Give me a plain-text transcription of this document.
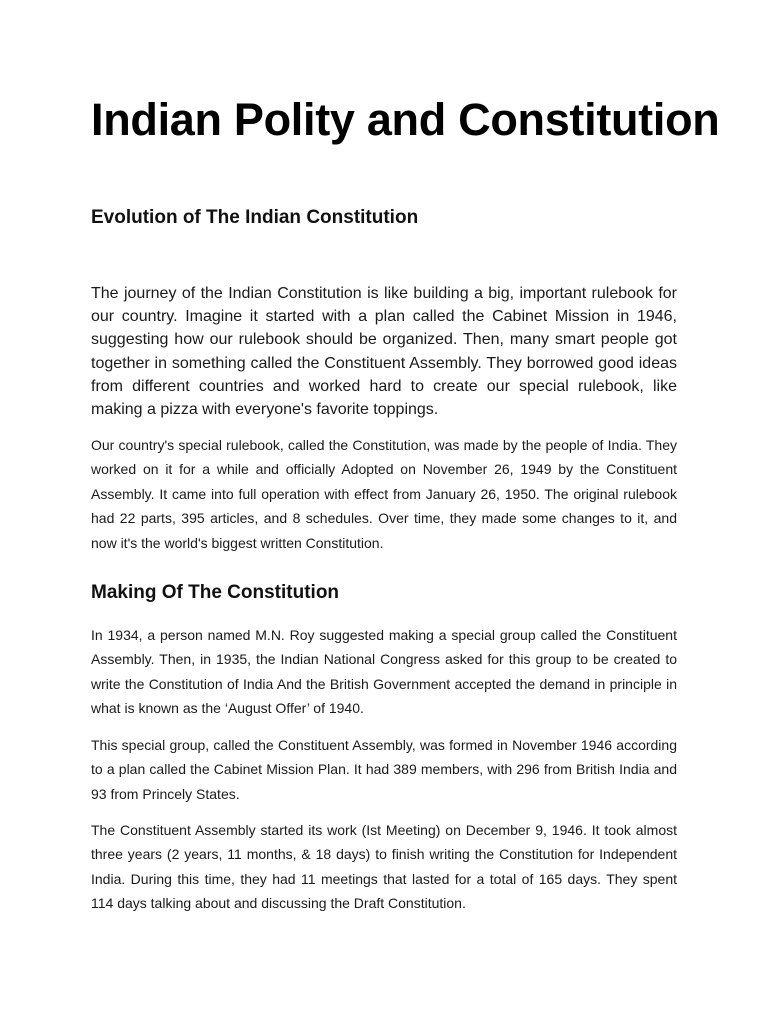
Indian Polity and Constitution
Evolution of The Indian Constitution

The journey of the Indian Constitution is like building a big, important rulebook for our country. Imagine it started with a plan called the Cabinet Mission in 1946, suggesting how our rulebook should be organized. Then, many smart people got together in something called the Constituent Assembly. They borrowed good ideas from different countries and worked hard to create our special rulebook, like making a pizza with everyone's favorite toppings.

Our country's special rulebook, called the Constitution, was made by the people of India. They worked on it for a while and officially Adopted on November 26, 1949 by the Constituent Assembly. It came into full operation with effect from January 26, 1950. The original rulebook had 22 parts, 395 articles, and 8 schedules. Over time, they made some changes to it, and now it's the world's biggest written Constitution.

Making Of The Constitution

In 1934, a person named M.N. Roy suggested making a special group called the Constituent Assembly. Then, in 1935, the Indian National Congress asked for this group to be created to write the Constitution of India And the British Government accepted the demand in principle in what is known as the ‘August Offer’ of 1940.

This special group, called the Constituent Assembly, was formed in November 1946 according to a plan called the Cabinet Mission Plan. It had 389 members, with 296 from British India and 93 from Princely States.

The Constituent Assembly started its work (Ist Meeting) on December 9, 1946. It took almost three years (2 years, 11 months, & 18 days) to finish writing the Constitution for Independent India. During this time, they had 11 meetings that lasted for a total of 165 days. They spent 114 days talking about and discussing the Draft Constitution.
